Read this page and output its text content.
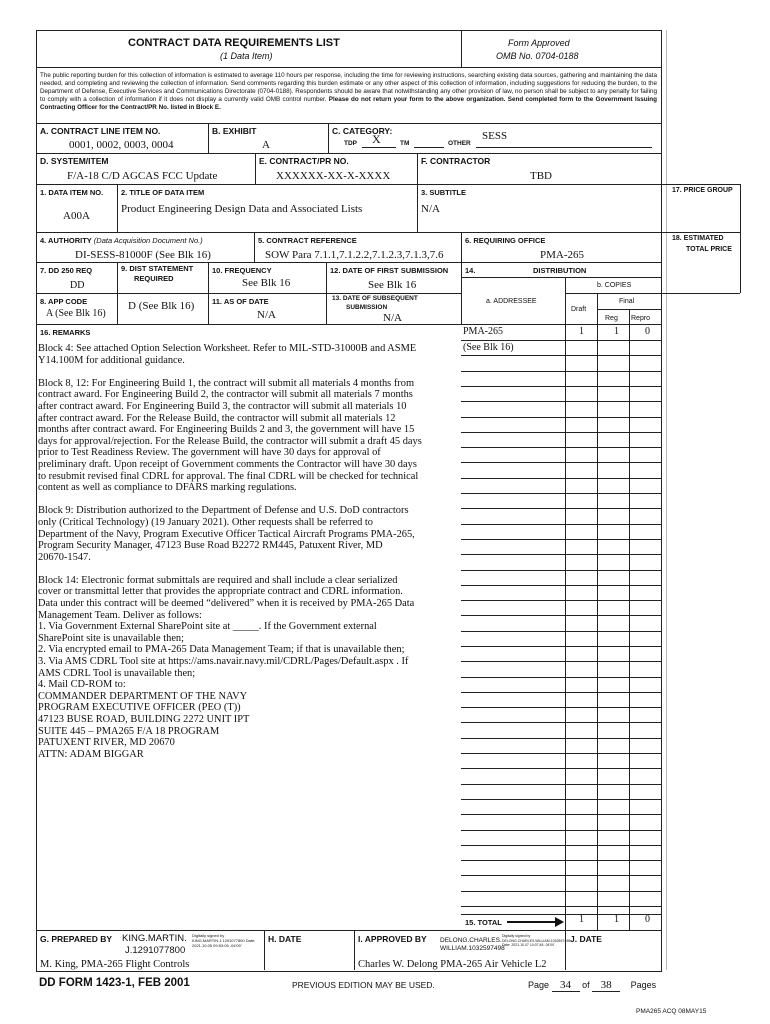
CONTRACT DATA REQUIREMENTS LIST
(1 Data Item)
Form Approved
OMB No. 0704-0188
The public reporting burden for this collection of information is estimated to average 110 hours per response, including the time for reviewing instructions, searching existing data sources, gathering and maintaining the data needed, and completing and reviewing the collection of information. Send comments regarding this burden estimate or any other aspect of this collection of information, including suggestions for reducing the burden, to the Department of Defense, Executive Services and Communications Directorate (0704-0188). Respondents should be aware that notwithstanding any other provision of law, no person shall be subject to any penalty for failing to comply with a collection of information if it does not display a currently valid OMB control number. Please do not return your form to the above organization. Send completed form to the Government Issuing Contracting Officer for the Contract/PR No. listed in Block E.
A. CONTRACT LINE ITEM NO.
0001, 0002, 0003, 0004
B. EXHIBIT
A
C. CATEGORY:
TDP X	TM	OTHER
SESS
D. SYSTEM/ITEM
F/A-18 C/D AGCAS FCC Update
E. CONTRACT/PR NO.
XXXXXX-XX-X-XXXX
F. CONTRACTOR
TBD
1. DATA ITEM NO.
A00A
2. TITLE OF DATA ITEM
Product Engineering Design Data and Associated Lists
3. SUBTITLE
N/A
17. PRICE GROUP
4. AUTHORITY (Data Acquisition Document No.)
DI-SESS-81000F (See Blk 16)
5. CONTRACT REFERENCE
SOW Para 7.1.1,7.1.2.2,7.1.2.3,7.1.3,7.6
6. REQUIRING OFFICE
PMA-265
18. ESTIMATED
TOTAL PRICE
7. DD 250 REQ
DD
9. DIST STATEMENT
REQUIRED
D (See Blk 16)
10. FREQUENCY
See Blk 16
12. DATE OF FIRST SUBMISSION
See Blk 16
14.	DISTRIBUTION
b. COPIES
8. APP CODE
A (See Blk 16)
11. AS OF DATE
N/A
13. DATE OF SUBSEQUENT
SUBMISSION
N/A
a. ADDRESSEE
Draft
Final
Reg Repro
16. REMARKS
Block 4: See attached Option Selection Worksheet. Refer to MIL-STD-31000B and ASME
Y14.100M for additional guidance.

Block 8, 12: For Engineering Build 1, the contract will submit all materials 4 months from
contract award. For Engineering Build 2, the contractor will submit all materials 7 months
after contract award. For Engineering Build 3, the contractor will submit all materials 10
after contract award. For the Release Build, the contractor will submit all materials 12
months after contract award. For Engineering Builds 2 and 3, the government will have 15
days for approval/rejection. For the Release Build, the contractor will submit a draft 45 days
prior to Test Readiness Review. The government will have 30 days for approval of
preliminary draft. Upon receipt of Government comments the Contractor will have 30 days
to resubmit revised final CDRL for approval. The final CDRL will be checked for technical
content as well as compliance to DFARS marking regulations.

Block 9: Distribution authorized to the Department of Defense and U.S. DoD contractors
only (Critical Technology) (19 January 2021). Other requests shall be referred to
Department of the Navy, Program Executive Officer Tactical Aircraft Programs PMA-265,
Program Security Manager, 47123 Buse Road B2272 RM445, Patuxent River, MD
20670-1547.

Block 14: Electronic format submittals are required and shall include a clear serialized
cover or transmittal letter that provides the appropriate contract and CDRL information.
Data under this contract will be deemed “delivered” when it is received by PMA-265 Data
Management Team. Deliver as follows:
1. Via Government External SharePoint site at _____. If the Government external
SharePoint site is unavailable then;
2. Via encrypted email to PMA-265 Data Management Team; if that is unavailable then;
3. Via AMS CDRL Tool site at https://ams.navair.navy.mil/CDRL/Pages/Default.aspx . If
AMS CDRL Tool is unavailable then;
4. Mail CD-ROM to:
COMMANDER DEPARTMENT OF THE NAVY
PROGRAM EXECUTIVE OFFICER (PEO (T))
47123 BUSE ROAD, BUILDING 2272 UNIT IPT
SUITE 445 – PMA265 F/A 18 PROGRAM
PATUXENT RIVER, MD 20670
ATTN: ADAM BIGGAR
PMA-265	1	1	0
(See Blk 16)
15. TOTAL	1	1	0
G. PREPARED BY KING.MARTIN.
J.1291077800
Digitally signed by KING.MARTIN.J.1291077800 Date: 2021.10.05 09:53:05 -04'00'
M. King, PMA-265 Flight Controls
H. DATE	I. APPROVED BY DELONG.CHARLES.
WILLIAM.1032597498
Digitally signed by DELONG.CHARLES.WILLIAM.1032597498 Date: 2021.10.07 10:07:48 -04'00'
Charles W. Delong PMA-265 Air Vehicle L2
J. DATE
DD FORM 1423-1, FEB 2001	PREVIOUS EDITION MAY BE USED.	Page 34 of 38 Pages
PMA265 ACQ 08MAY15
